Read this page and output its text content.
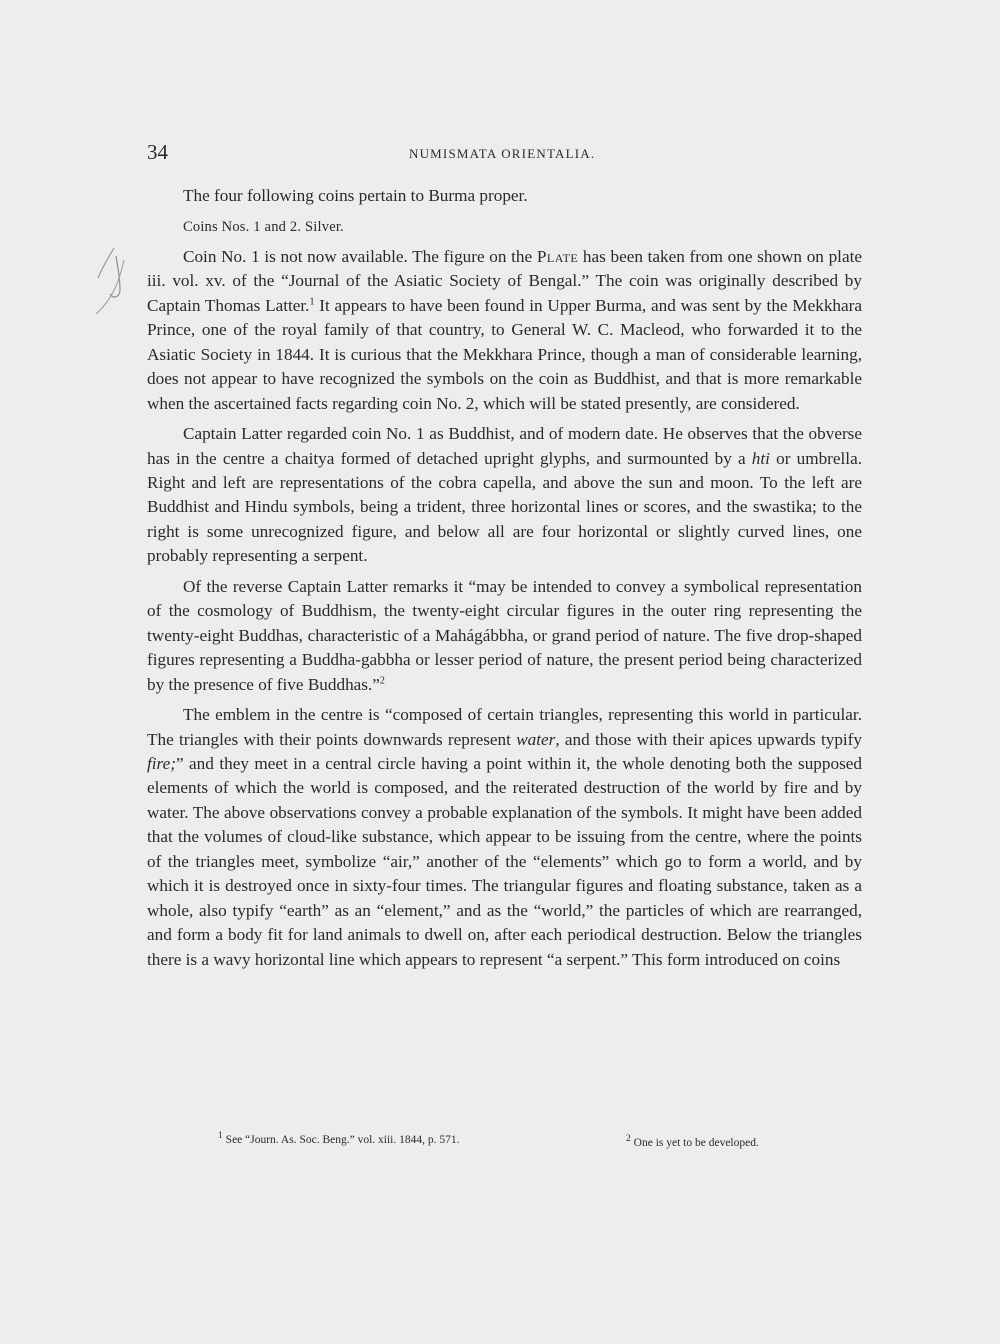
34	NUMISMATA ORIENTALIA.

The four following coins pertain to Burma proper.

Coins Nos. 1 and 2. Silver.

Coin No. 1 is not now available. The figure on the Plate has been taken from one shown on plate iii. vol. xv. of the “Journal of the Asiatic Society of Bengal.” The coin was originally described by Captain Thomas Latter.$^1$ It appears to have been found in Upper Burma, and was sent by the Mekkhara Prince, one of the royal family of that country, to General W. C. Macleod, who forwarded it to the Asiatic Society in 1844. It is curious that the Mekkhara Prince, though a man of considerable learning, does not appear to have recognized the symbols on the coin as Buddhist, and that is more remarkable when the ascertained facts regarding coin No. 2, which will be stated presently, are considered.

Captain Latter regarded coin No. 1 as Buddhist, and of modern date. He observes that the obverse has in the centre a chaitya formed of detached upright glyphs, and surmounted by a hti or umbrella. Right and left are representations of the cobra capella, and above the sun and moon. To the left are Buddhist and Hindu symbols, being a trident, three horizontal lines or scores, and the swastika; to the right is some unrecognized figure, and below all are four horizontal or slightly curved lines, one probably representing a serpent.

Of the reverse Captain Latter remarks it “may be intended to convey a symbolical representation of the cosmology of Buddhism, the twenty-eight circular figures in the outer ring representing the twenty-eight Buddhas, characteristic of a Mahágábbha, or grand period of nature. The five drop-shaped figures representing a Buddha-gabbha or lesser period of nature, the present period being characterized by the presence of five Buddhas.”$^2$

The emblem in the centre is “composed of certain triangles, representing this world in particular. The triangles with their points downwards represent water, and those with their apices upwards typify fire;” and they meet in a central circle having a point within it, the whole denoting both the supposed elements of which the world is composed, and the reiterated destruction of the world by fire and by water. The above observations convey a probable explanation of the symbols. It might have been added that the volumes of cloud-like substance, which appear to be issuing from the centre, where the points of the triangles meet, symbolize “air,” another of the “elements” which go to form a world, and by which it is destroyed once in sixty-four times. The triangular figures and floating substance, taken as a whole, also typify “earth” as an “element,” and as the “world,” the particles of which are rearranged, and form a body fit for land animals to dwell on, after each periodical destruction. Below the triangles there is a wavy horizontal line which appears to represent “a serpent.” This form introduced on coins

$^1$ See “Journ. As. Soc. Beng.” vol. xiii. 1844, p. 571.	$^2$ One is yet to be developed.
